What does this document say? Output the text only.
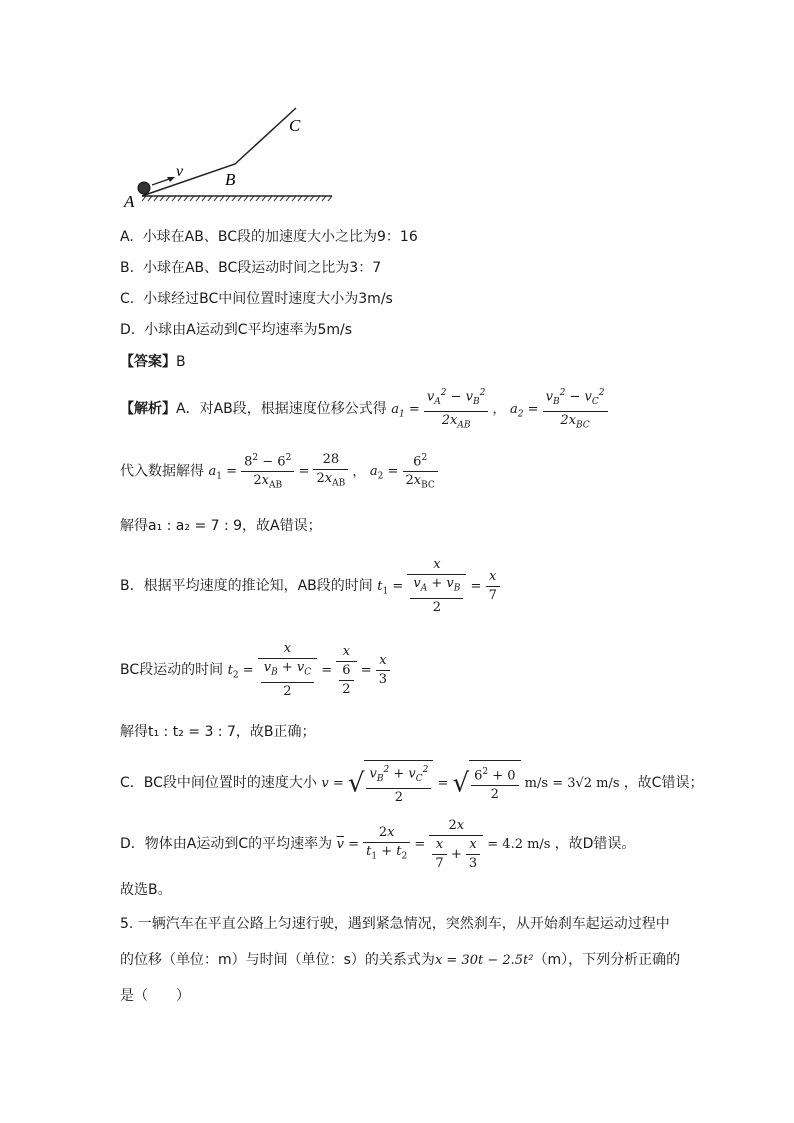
v
A
B
C
A. 小球在AB、BC段的加速度大小之比为9：16
B. 小球在AB、BC段运动时间之比为3：7
C. 小球经过BC中间位置时速度大小为3m/s
D. 小球由A运动到C平均速率为5m/s
【答案】B
【解析】A．对AB段，根据速度位移公式得 $a_1 = \frac{v_A^2 - v_B^2}{2x_{AB}}$ ， $a_2 = \frac{v_B^2 - v_C^2}{2x_{BC}}$
代入数据解得 $a_1 = \frac{8^2 - 6^2}{2x_{AB}} = \frac{28}{2x_{AB}}$ ， $a_2 = \frac{6^2}{2x_{BC}}$
解得a₁ : a₂ = 7 : 9，故A错误；
B．根据平均速度的推论知，AB段的时间 $t_1 = x$
$v_A + v_B$
$2 = \frac{x}{7}$
BC段运动的时间 $t_2 = x$
$v_B + v_C$
2 = x
6
$2 = \frac{x}{3}$
解得t₁ : t₂ = 3 : 7，故B正确；
C．BC段中间位置时的速度大小 v = √ $\frac{v_B^2 + v_C^2}{2}$ = √ $\frac{6^2 + 0}{2} m/s = 3√2$ m/s ，故C错误；
D．物体由A运动到C的平均速率为 $\overline{v} = \frac{2x}{t_1 + t_2} = \frac{2x}{\frac{x}{7} + \frac{x}{3}} = 4.2$ m/s ，故D错误。
故选B。
5. 一辆汽车在平直公路上匀速行驶，遇到紧急情况，突然刹车，从开始刹车起运动过程中
的位移（单位：m）与时间（单位：s）的关系式为x = 30t − 2.5t²（m），下列分析正确的
是（　　）
